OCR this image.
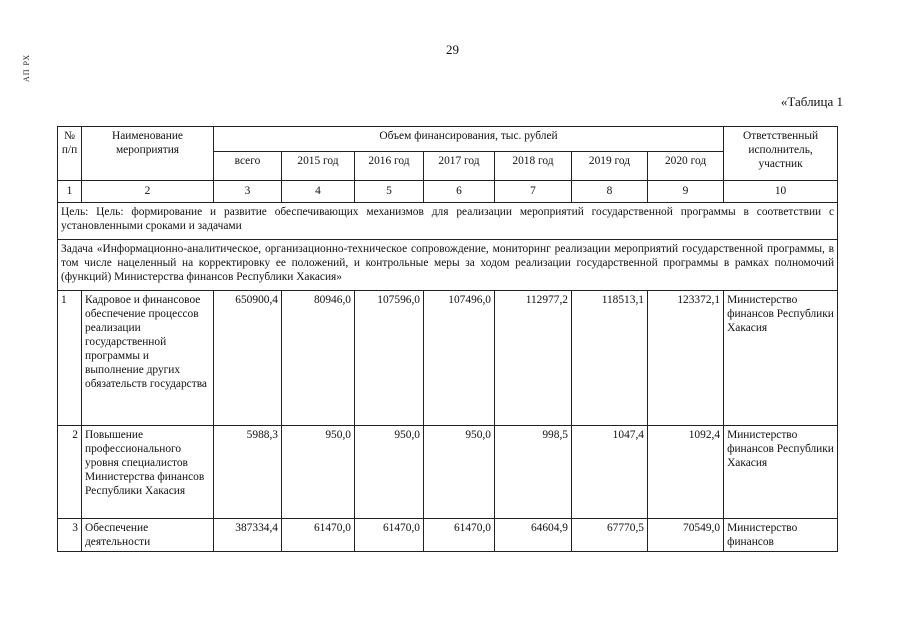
АП РХ
29
«Таблица 1
№ п/п	Наименование мероприятия	Объем финансирования, тыс. рублей							Ответственный исполнитель, участник
		всего	2015 год	2016 год	2017 год	2018 год	2019 год	2020 год	
1	2	3	4	5	6	7	8	9	10
Цель: Цель: формирование и развитие обеспечивающих механизмов для реализации мероприятий государственной программы в соответствии с установленными сроками и задачами									
Задача «Информационно-аналитическое, организационно-техническое сопровождение, мониторинг реализации мероприятий государственной программы, в том числе нацеленный на корректировку ее положений, и контрольные меры за ходом реализации государственной программы в рамках полномочий (функций) Министерства финансов Республики Хакасия»									
1	Кадровое и финансовое обеспечение процессов реализации государственной программы и выполнение других обязательств государства	650900,4	80946,0	107596,0	107496,0	112977,2	118513,1	123372,1	Министерство финансов Республики Хакасия
2	Повышение профессионального уровня специалистов Министерства финансов Республики Хакасия	5988,3	950,0	950,0	950,0	998,5	1047,4	1092,4	Министерство финансов Республики Хакасия
3	Обеспечение деятельности	387334,4	61470,0	61470,0	61470,0	64604,9	67770,5	70549,0	Министерство финансов
